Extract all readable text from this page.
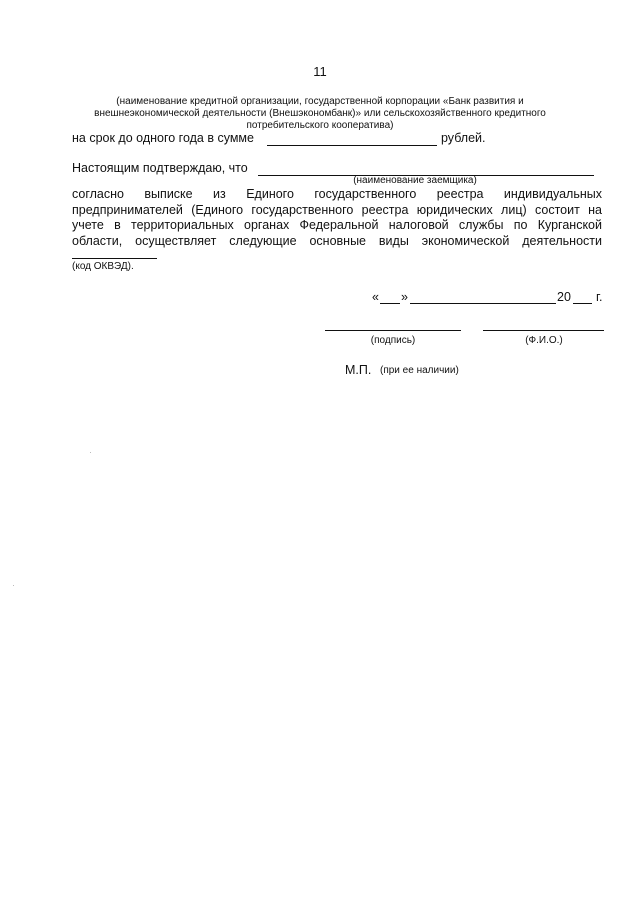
11
(наименование кредитной организации, государственной корпорации «Банк развития и
внешнеэкономической деятельности (Внешэкономбанк)» или сельскохозяйственного кредитного
потребительского кооператива)
на срок до одного года в сумме	рублей.
Настоящим подтверждаю, что
(наименование заемщика)
согласно выписке из Единого государственного реестра индивидуальных
предпринимателей (Единого государственного реестра юридических лиц) состоит на
учете в территориальных органах Федеральной налоговой службы по Курганской
области, осуществляет следующие основные виды экономической деятельности
(код ОКВЭД).
« »	20 г.
(подпись)	(Ф.И.О.)
М.П. (при ее наличии)
